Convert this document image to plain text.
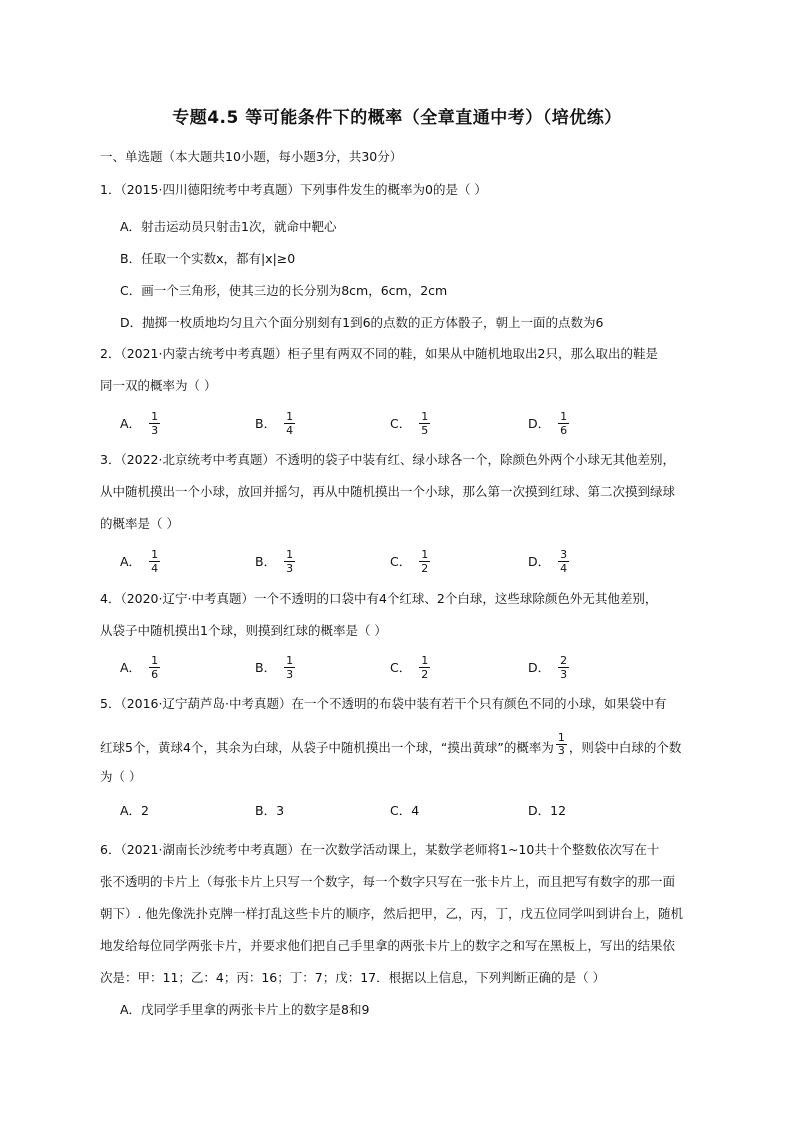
专题4.5 等可能条件下的概率（全章直通中考）（培优练）
一、单选题（本大题共10小题，每小题3分，共30分）
1．（2015·四川德阳统考中考真题）下列事件发生的概率为0的是（ ）
A．射击运动员只射击1次，就命中靶心
B．任取一个实数x，都有|x|≥0
C．画一个三角形，使其三边的长分别为8cm，6cm，2cm
D．抛掷一枚质地均匀且六个面分别刻有1到6的点数的正方体骰子，朝上一面的点数为6
2．（2021·内蒙古统考中考真题）柜子里有两双不同的鞋，如果从中随机地取出2只，那么取出的鞋是
同一双的概率为（ ）
A． $\frac{1}{3}$	B． $\frac{1}{4}$	C． $\frac{1}{5}$	D． $\frac{1}{6}$
3．（2022·北京统考中考真题）不透明的袋子中装有红、绿小球各一个，除颜色外两个小球无其他差别，
从中随机摸出一个小球，放回并摇匀，再从中随机摸出一个小球，那么第一次摸到红球、第二次摸到绿球
的概率是（ ）
A． $\frac{1}{4}$	B． $\frac{1}{3}$	C． $\frac{1}{2}$	D． $\frac{3}{4}$
4．（2020·辽宁·中考真题）一个不透明的口袋中有4个红球、2个白球，这些球除颜色外无其他差别，
从袋子中随机摸出1个球，则摸到红球的概率是（ ）
A． $\frac{1}{6}$	B． $\frac{1}{3}$	C． $\frac{1}{2}$	D． $\frac{2}{3}$
5．（2016·辽宁葫芦岛·中考真题）在一个不透明的布袋中装有若干个只有颜色不同的小球，如果袋中有
红球5个，黄球4个，其余为白球，从袋子中随机摸出一个球，“摸出黄球”的概率为 $\frac{1}{3}$ ，则袋中白球的个数
为（ ）
A．2	B．3	C．4	D．12
6．（2021·湖南长沙统考中考真题）在一次数学活动课上，某数学老师将1~10共十个整数依次写在十
张不透明的卡片上（每张卡片上只写一个数字，每一个数字只写在一张卡片上，而且把写有数字的那一面
朝下）. 他先像洗扑克牌一样打乱这些卡片的顺序，然后把甲，乙，丙，丁，戊五位同学叫到讲台上，随机
地发给每位同学两张卡片，并要求他们把自己手里拿的两张卡片上的数字之和写在黑板上，写出的结果依
次是：甲：11；乙：4；丙：16；丁：7；戊：17．根据以上信息，下列判断正确的是（ ）
A．戊同学手里拿的两张卡片上的数字是8和9
